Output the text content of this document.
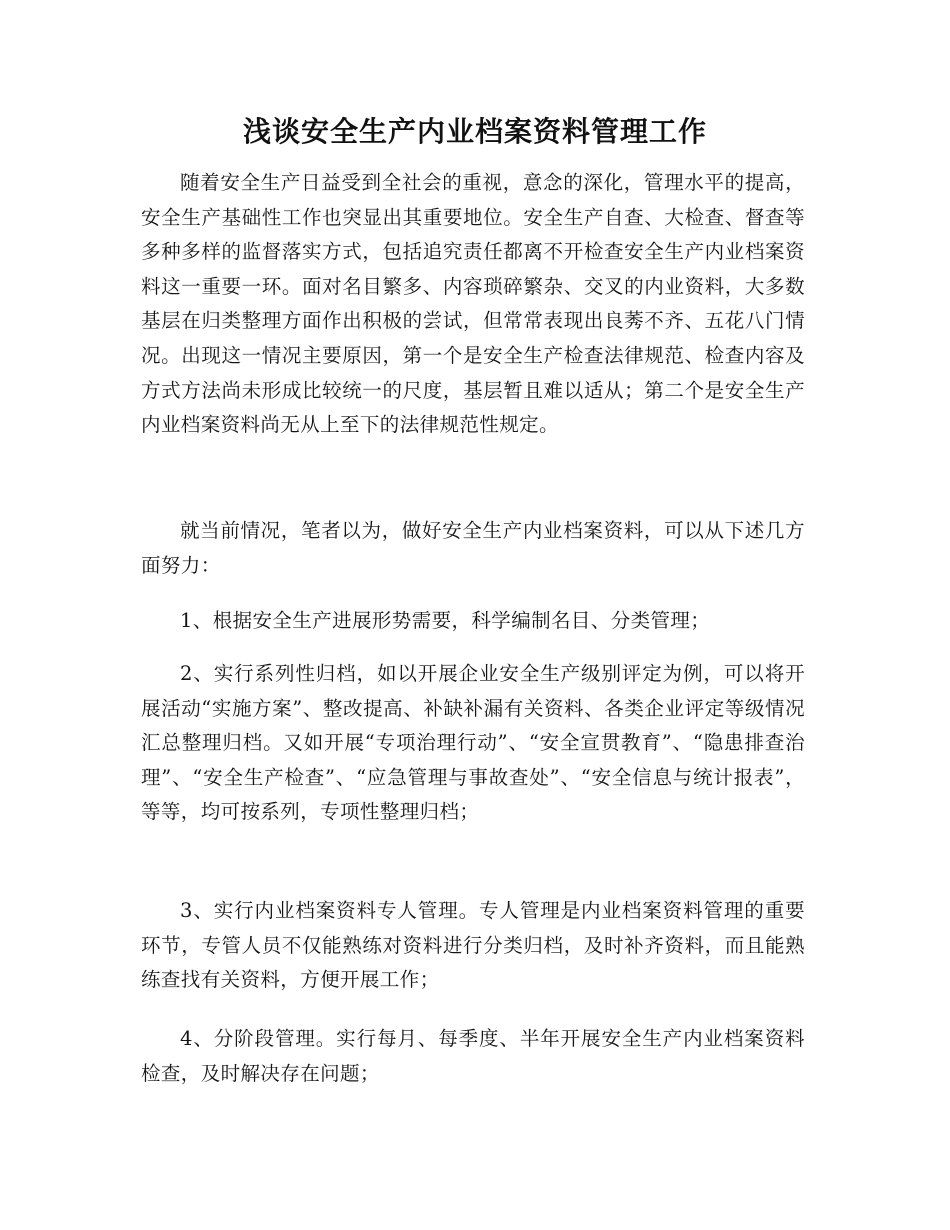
浅谈安全生产内业档案资料管理工作

随着安全生产日益受到全社会的重视，意念的深化，管理水平的提高，安全生产基础性工作也突显出其重要地位。安全生产自查、大检查、督查等多种多样的监督落实方式，包括追究责任都离不开检查安全生产内业档案资料这一重要一环。面对名目繁多、内容琐碎繁杂、交叉的内业资料，大多数基层在归类整理方面作出积极的尝试，但常常表现出良莠不齐、五花八门情况。出现这一情况主要原因，第一个是安全生产检查法律规范、检查内容及方式方法尚未形成比较统一的尺度，基层暂且难以适从；第二个是安全生产内业档案资料尚无从上至下的法律规范性规定。

就当前情况，笔者以为，做好安全生产内业档案资料，可以从下述几方面努力：

1、根据安全生产进展形势需要，科学编制名目、分类管理；

2、实行系列性归档，如以开展企业安全生产级别评定为例，可以将开展活动“实施方案”、整改提高、补缺补漏有关资料、各类企业评定等级情况汇总整理归档。又如开展“专项治理行动”、“安全宣贯教育”、“隐患排查治理”、“安全生产检查”、“应急管理与事故查处”、“安全信息与统计报表”，等等，均可按系列，专项性整理归档；

3、实行内业档案资料专人管理。专人管理是内业档案资料管理的重要环节，专管人员不仅能熟练对资料进行分类归档，及时补齐资料，而且能熟练查找有关资料，方便开展工作；

4、分阶段管理。实行每月、每季度、半年开展安全生产内业档案资料检查，及时解决存在问题；
